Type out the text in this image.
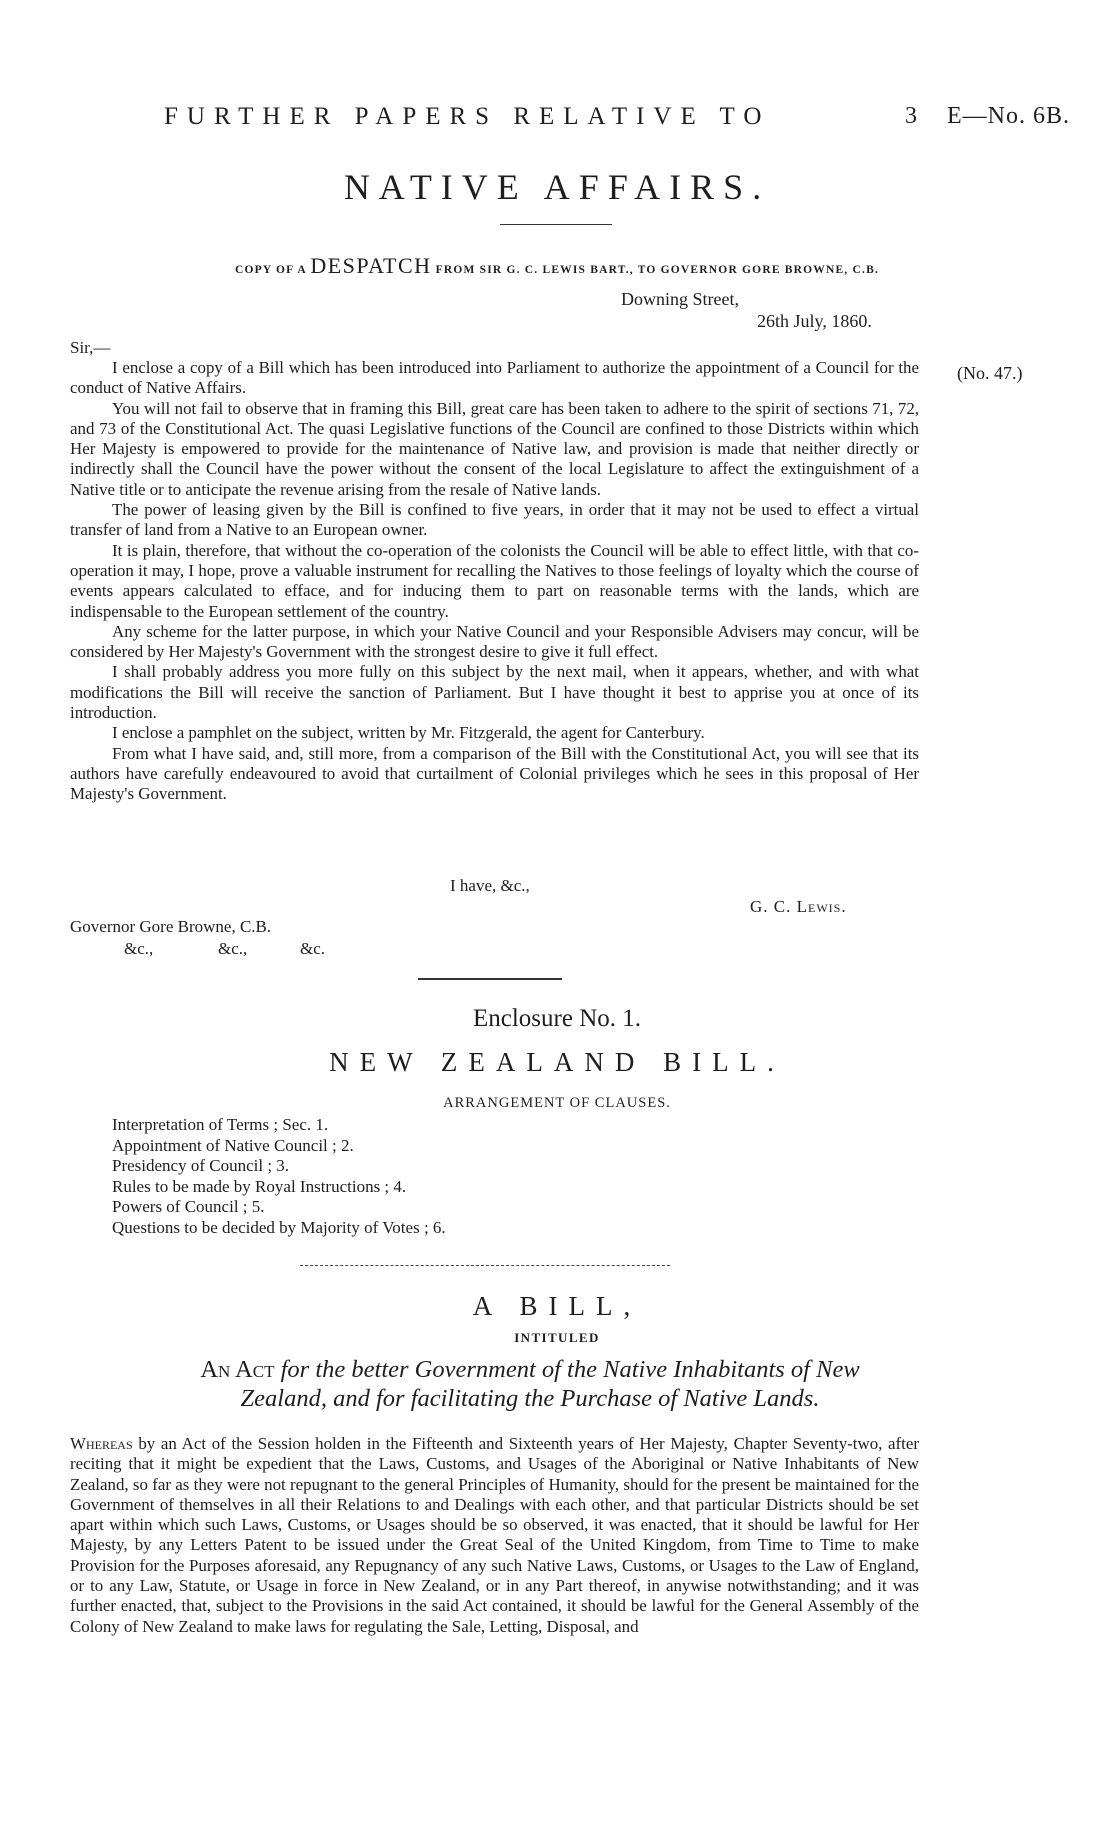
FURTHER PAPERS RELATIVE TO	3 E—No. 6B.
NATIVE AFFAIRS.
COPY OF A DESPATCH FROM SIR G. C. LEWIS BART., TO GOVERNOR GORE BROWNE, C.B.
Downing Street,
26th July, 1860.
Sir,—
(No. 47.)

I enclose a copy of a Bill which has been introduced into Parliament to authorize the appointment of a Council for the conduct of Native Affairs.

You will not fail to observe that in framing this Bill, great care has been taken to adhere to the spirit of sections 71, 72, and 73 of the Constitutional Act. The quasi Legislative functions of the Council are confined to those Districts within which Her Majesty is empowered to provide for the maintenance of Native law, and provision is made that neither directly or indirectly shall the Council have the power without the consent of the local Legislature to affect the extinguishment of a Native title or to anticipate the revenue arising from the resale of Native lands.

The power of leasing given by the Bill is confined to five years, in order that it may not be used to effect a virtual transfer of land from a Native to an European owner.

It is plain, therefore, that without the co-operation of the colonists the Council will be able to effect little, with that co-operation it may, I hope, prove a valuable instrument for recalling the Natives to those feelings of loyalty which the course of events appears calculated to efface, and for inducing them to part on reasonable terms with the lands, which are indispensable to the European settlement of the country.

Any scheme for the latter purpose, in which your Native Council and your Responsible Advisers may concur, will be considered by Her Majesty's Government with the strongest desire to give it full effect.

I shall probably address you more fully on this subject by the next mail, when it appears, whether, and with what modifications the Bill will receive the sanction of Parliament. But I have thought it best to apprise you at once of its introduction.

I enclose a pamphlet on the subject, written by Mr. Fitzgerald, the agent for Canterbury.

From what I have said, and, still more, from a comparison of the Bill with the Constitutional Act, you will see that its authors have carefully endeavoured to avoid that curtailment of Colonial privileges which he sees in this proposal of Her Majesty's Government.

I have, &c.,
G. C. Lewis.
Governor Gore Browne, C.B.
&c.,	&c.,	&c.
Enclosure No. 1.
NEW ZEALAND BILL.
ARRANGEMENT OF CLAUSES.
Interpretation of Terms ; Sec. 1.
Appointment of Native Council ; 2.
Presidency of Council ; 3.
Rules to be made by Royal Instructions ; 4.
Powers of Council ; 5.
Questions to be decided by Majority of Votes ; 6.
A BILL,
INTITULED
An Act for the better Government of the Native Inhabitants of New
Zealand, and for facilitating the Purchase of Native Lands.
Whereas by an Act of the Session holden in the Fifteenth and Sixteenth years of Her Majesty, Chapter Seventy-two, after reciting that it might be expedient that the Laws, Customs, and Usages of the Aboriginal or Native Inhabitants of New Zealand, so far as they were not repugnant to the general Principles of Humanity, should for the present be maintained for the Government of themselves in all their Relations to and Dealings with each other, and that particular Districts should be set apart within which such Laws, Customs, or Usages should be so observed, it was enacted, that it should be lawful for Her Majesty, by any Letters Patent to be issued under the Great Seal of the United Kingdom, from Time to Time to make Provision for the Purposes aforesaid, any Repugnancy of any such Native Laws, Customs, or Usages to the Law of England, or to any Law, Statute, or Usage in force in New Zealand, or in any Part thereof, in anywise notwithstanding; and it was further enacted, that, subject to the Provisions in the said Act contained, it should be lawful for the General Assembly of the Colony of New Zealand to make laws for regulating the Sale, Letting, Disposal, and
